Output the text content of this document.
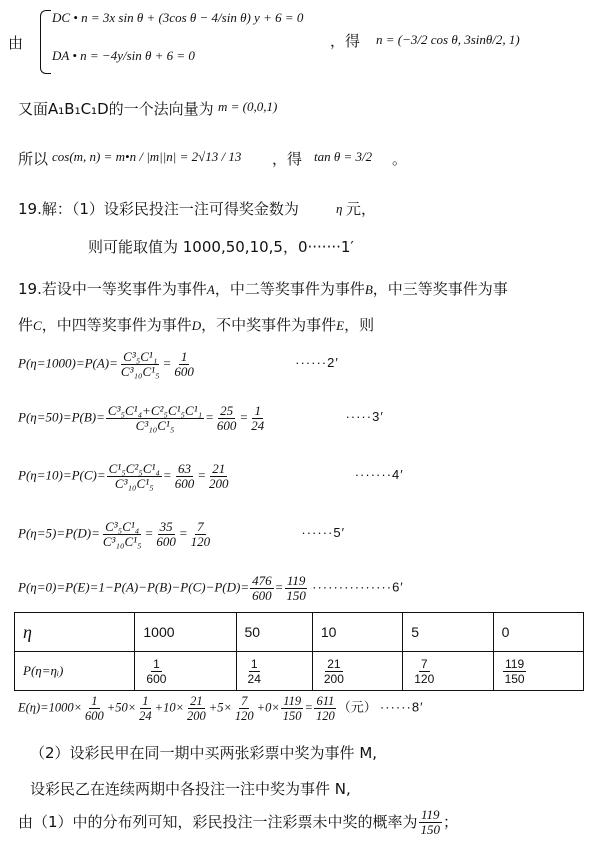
由
DC • n = 3x sin θ + (3cos θ − 4/sin θ) y + 6 = 0
DA • n = −4y/sin θ + 6 = 0
，得 n = (−3/2 cos θ, 3sinθ/2, 1)
又面A₁B₁C₁D的一个法向量为 m = (0,0,1)
所以 cos(m, n) = m•n / |m||n| = 2√13 / 13 ，得 tan θ = 3/2 。
19.解：（1）设彩民投注一注可得奖金数为	η 元，
则可能取值为 1000,50,10,5，0·······1′
19.若设中一等奖事件为事件A，中二等奖事件为事件B，中三等奖事件为事
件C，中四等奖事件为事件D，不中奖事件为事件E，则
$P(\eta=1000)=P(A)= \frac{\text{C³₅C¹₁}}{\text{C³₁₀C¹₅}} = \frac{1}{600}$	······2′
$P(\eta=50)=P(B)= \frac{\text{C³₅C¹₄+C²₅C¹₅C¹₁}}{\text{C³₁₀C¹₅}} = \frac{25}{600} = \frac{1}{24}$	·····3′
$P(\eta=10)=P(C)= \frac{\text{C¹₅C²₅C¹₄}}{\text{C³₁₀C¹₅}} = \frac{63}{600} = \frac{21}{200}$	·······4′
$P(\eta=5)=P(D)= \frac{\text{C³₅C¹₄}}{\text{C³₁₀C¹₅}} = \frac{35}{600} = \frac{7}{120}$	······5′
$P(\eta=0)=P(E)=1-P(A)-P(B)-P(C)-P(D)= \frac{476}{600} = \frac{119}{150} \cdot\cdot\cdot\cdot\cdot\cdot\cdot\cdot\cdot\cdot\cdot\cdot\cdot\cdot\cdot 6'$
η	1000	50	10	5	0
P(η=ηᵢ)	$\frac{1}{600}$	$\frac{1}{24}$	$\frac{21}{200}$	$\frac{7}{120}$	$\frac{119}{150}$
$E(\eta)=1000\times \frac{1}{600} +50\times \frac{1}{24} +10\times \frac{21}{200} +5\times \frac{7}{120} +0\times \frac{119}{150} = \frac{611}{120}$ （元） ······8′
（2）设彩民甲在同一期中买两张彩票中奖为事件 M,
设彩民乙在连续两期中各投注一注中奖为事件 N,
由（1）中的分布列可知，彩民投注一注彩票未中奖的概率为 $\frac{119}{150}$ ；
